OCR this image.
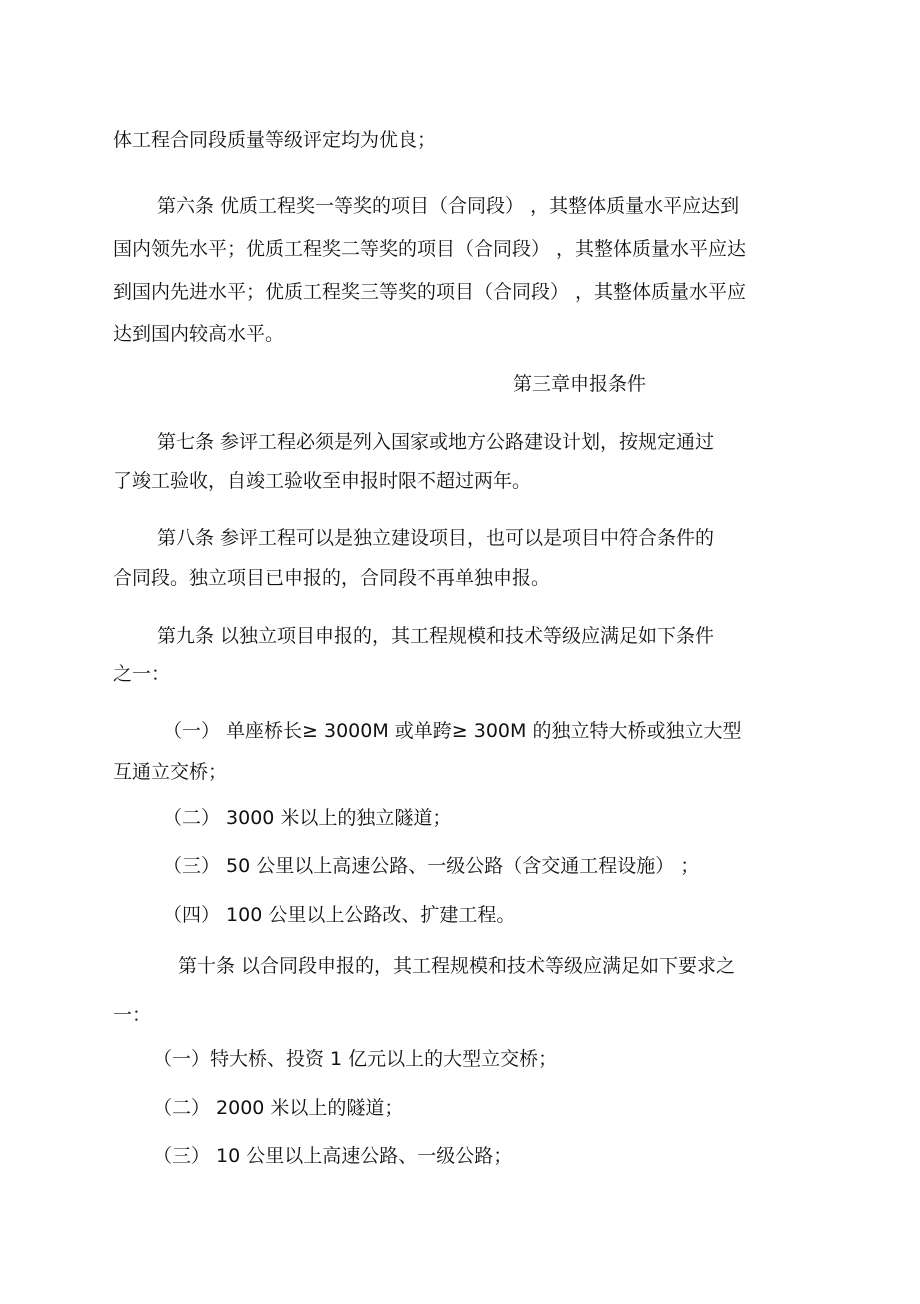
体工程合同段质量等级评定均为优良；

第六条 优质工程奖一等奖的项目（合同段） ，其整体质量水平应达到

国内领先水平；优质工程奖二等奖的项目（合同段） ，其整体质量水平应达

到国内先进水平；优质工程奖三等奖的项目（合同段） ，其整体质量水平应

达到国内较高水平。

第三章申报条件

第七条 参评工程必须是列入国家或地方公路建设计划，按规定通过

了竣工验收，自竣工验收至申报时限不超过两年。

第八条 参评工程可以是独立建设项目，也可以是项目中符合条件的

合同段。独立项目已申报的，合同段不再单独申报。

第九条 以独立项目申报的，其工程规模和技术等级应满足如下条件

之一：

（一） 单座桥长≥ 3000M 或单跨≥ 300M 的独立特大桥或独立大型

互通立交桥；

（二） 3000 米以上的独立隧道；

（三） 50 公里以上高速公路、一级公路（含交通工程设施） ；

（四） 100 公里以上公路改、扩建工程。

第十条 以合同段申报的，其工程规模和技术等级应满足如下要求之

一：

（一）特大桥、投资 1 亿元以上的大型立交桥；

（二） 2000 米以上的隧道；

（三） 10 公里以上高速公路、一级公路；
